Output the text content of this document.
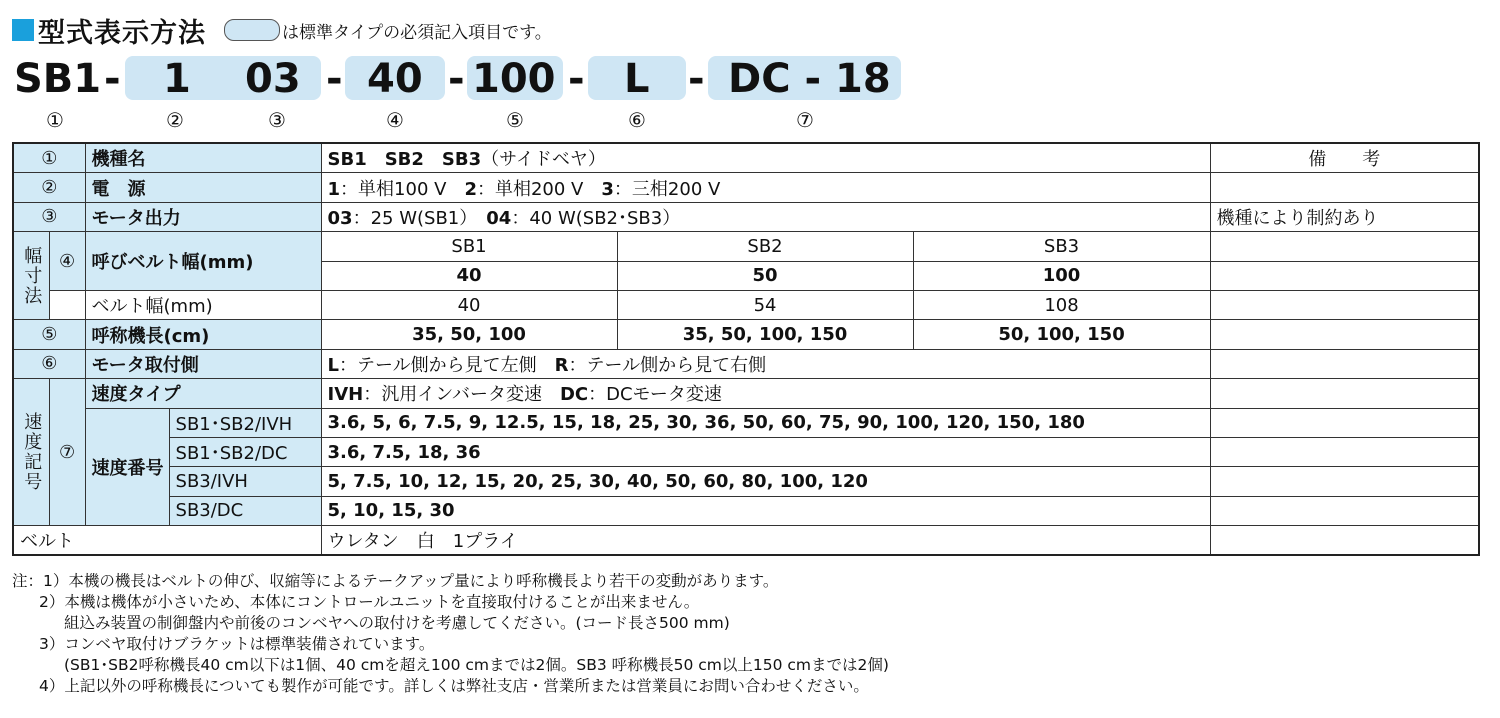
型式表示方法	は標準タイプの必須記入項目です。
SB1 - 1 03 - 40 - 100 - L - DC - 18
①	②	③	④	⑤	⑥	⑦
①		機種名		SB1　SB2　SB3（サイドベヤ）			備　　考
②		電　源		1：単相100 V　 2：単相200 V　 3：三相200 V			
③		モータ出力		03：25 W(SB1）　 04：40 W(SB2･SB3）			機種により制約あり
幅寸法	④	呼びベルト幅(mm)		SB1	SB2	SB3	
				40	50	100	
		ベルト幅(mm)		40	54	108	
⑤		呼称機長(cm)		35, 50, 100	35, 50, 100, 150	50, 100, 150	
⑥		モータ取付側		L：テール側から見て左側　 R：テール側から見て右側			
速度記号	⑦	速度タイプ		IVH：汎用インバータ変速　 DC：DCモータ変速			
		速度番号	SB1･SB2/IVH	3.6, 5, 6, 7.5, 9, 12.5, 15, 18, 25, 30, 36, 50, 60, 75, 90, 100, 120, 150, 180			
			SB1･SB2/DC	3.6, 7.5, 18, 36			
			SB3/IVH	5, 7.5, 10, 12, 15, 20, 25, 30, 40, 50, 60, 80, 100, 120			
			SB3/DC	5, 10, 15, 30			
ベルト				ウレタン　白　1プライ			
注：1）本機の機長はベルトの伸び、収縮等によるテークアップ量により呼称機長より若干の変動があります。
2）本機は機体が小さいため、本体にコントロールユニットを直接取付けることが出来ません。
組込み装置の制御盤内や前後のコンベヤへの取付けを考慮してください。(コード長さ500 mm)
3）コンベヤ取付けブラケットは標準装備されています。
(SB1･SB2呼称機長40 cm以下は1個、40 cmを超え100 cmまでは2個。SB3 呼称機長50 cm以上150 cmまでは2個)
4）上記以外の呼称機長についても製作が可能です。詳しくは弊社支店・営業所または営業員にお問い合わせください。
